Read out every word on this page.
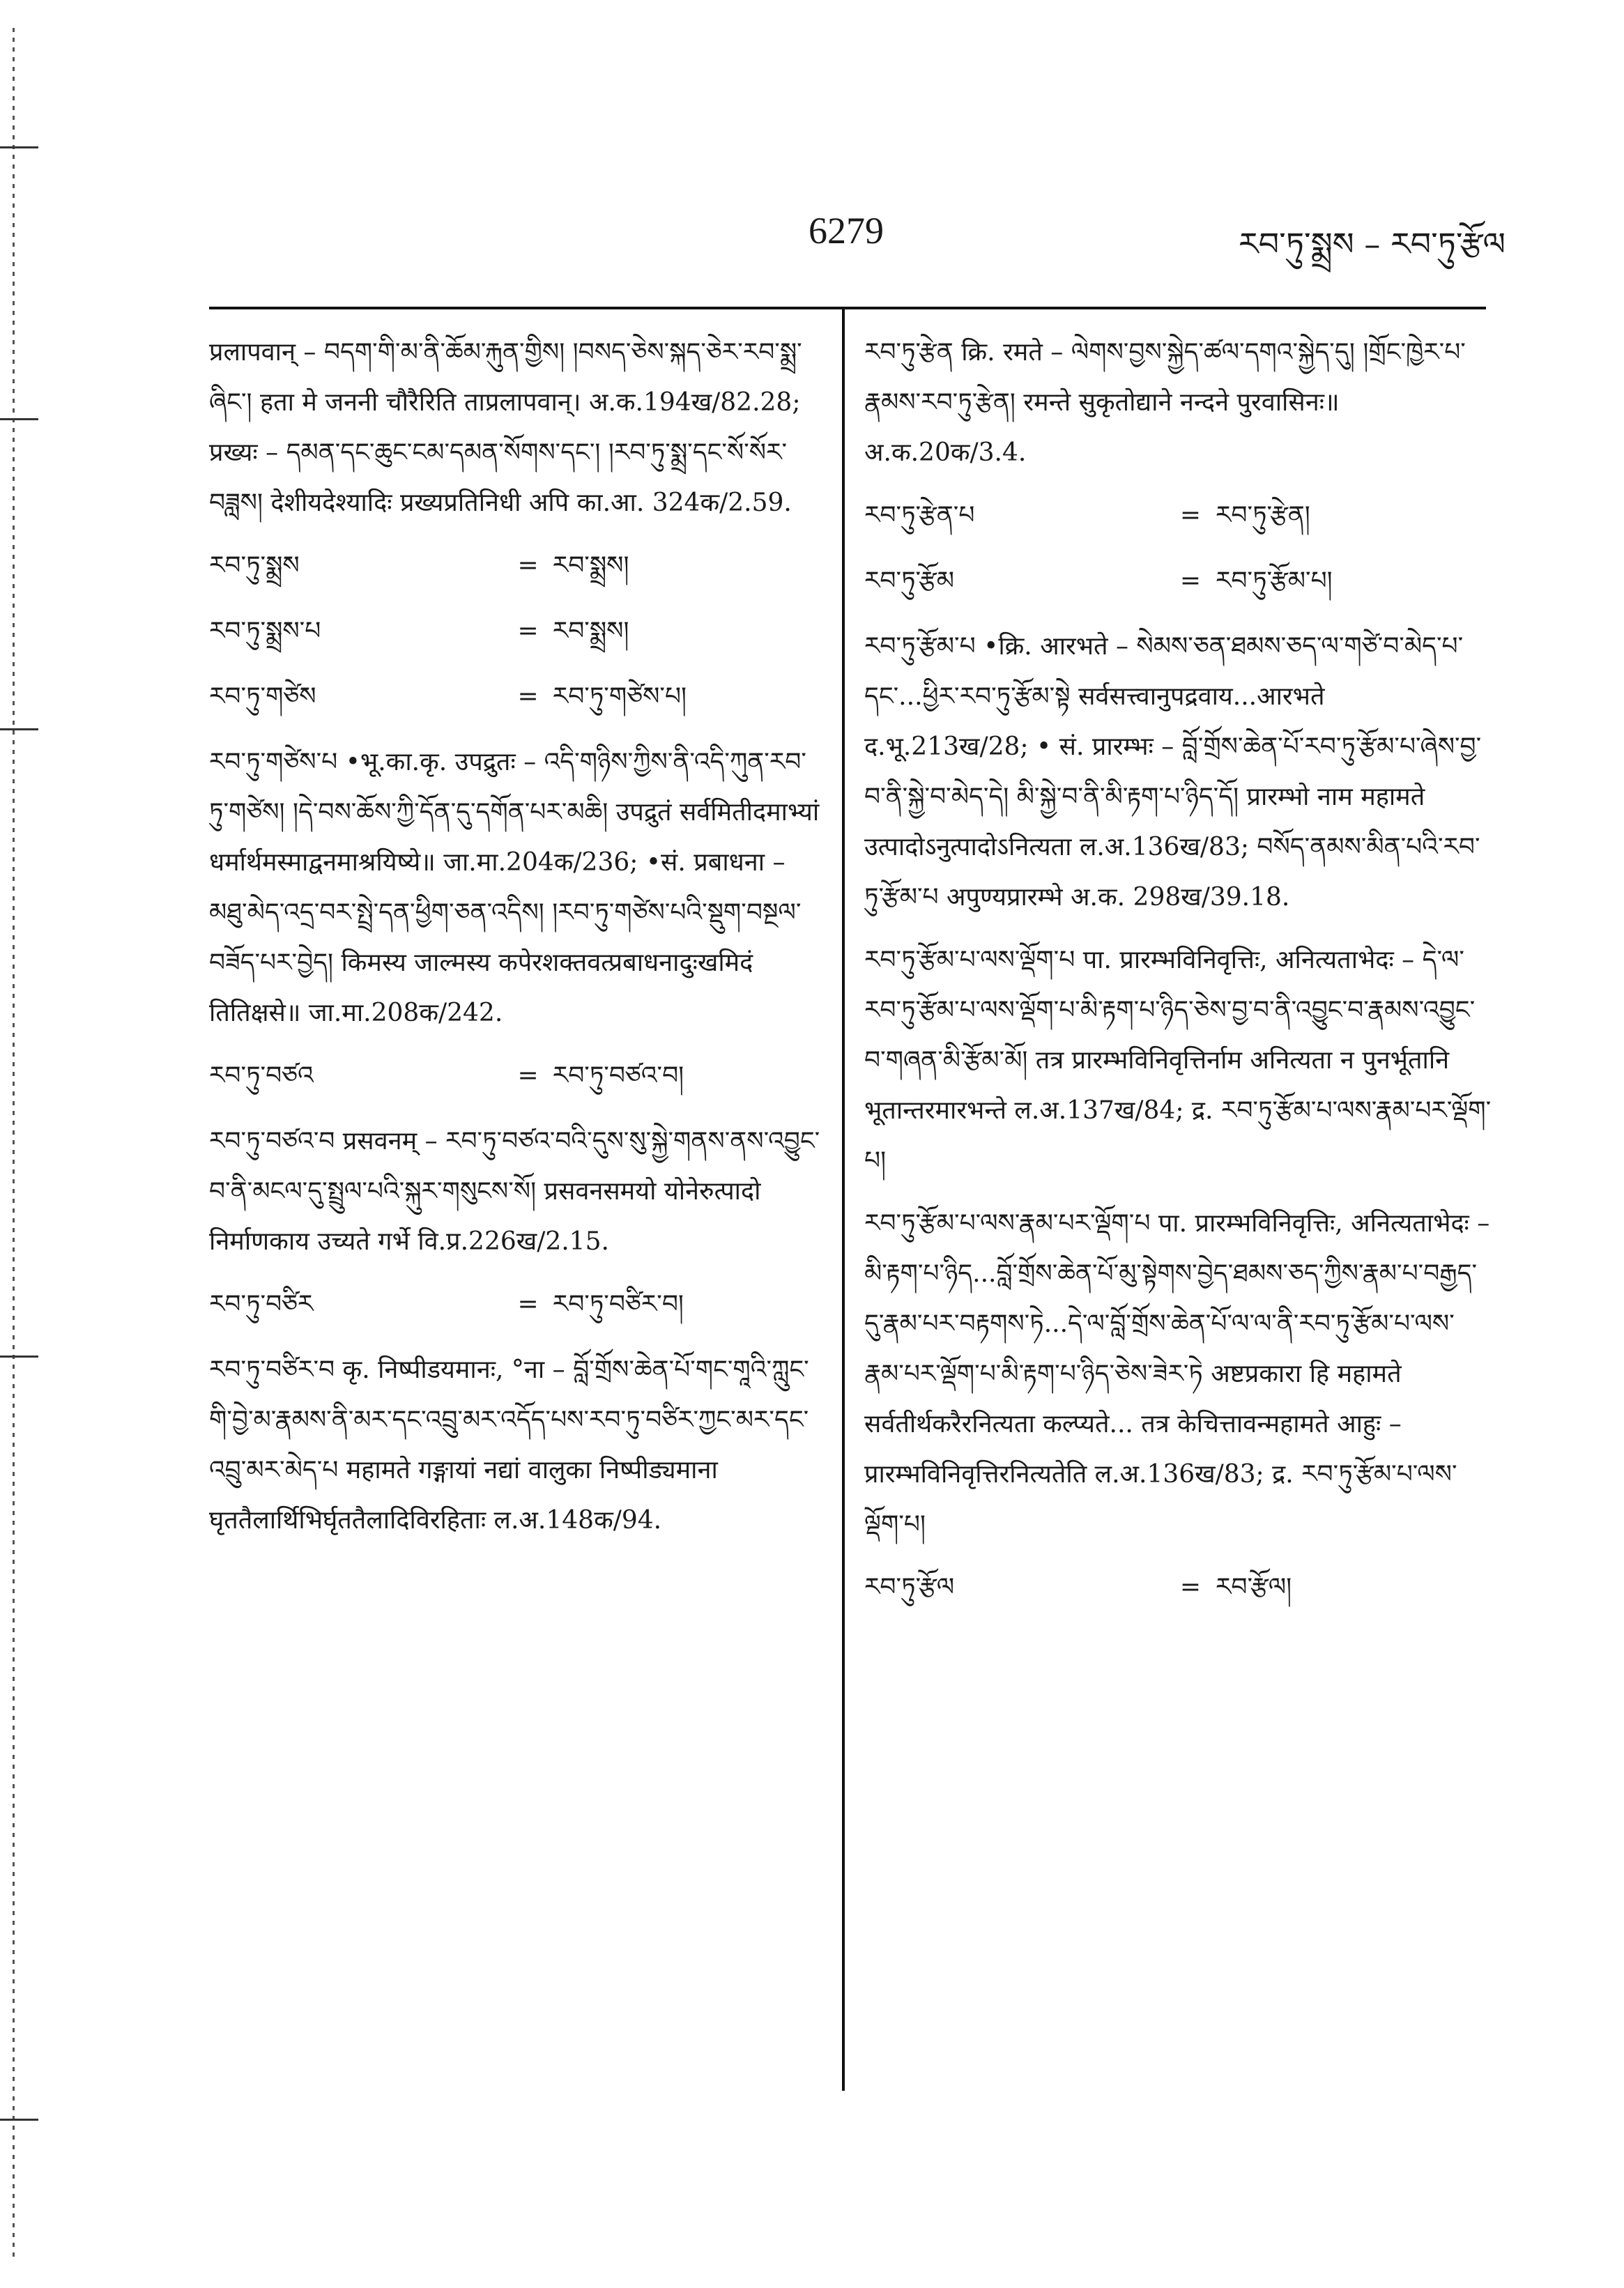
6279	རབ་ཏུ་སྨྲས – རབ་ཏུ་རྩོལ
प्रलापवान् – བདག་གི་མ་ནི་ཆོམ་རྐུན་གྱིས། །བསད་ཅེས་སྐད་ཅེར་རབ་སྨྲ་ཞིང་། हता मे जननी चौरैरिति ताप्रलापवान्। अ.क.194ख/82.28; प्रख्यः – དམན་དང་ཆུང་ངམ་དམན་སོགས་དང་། །རབ་ཏུ་སྨྲ་དང་སོ་སོར་བཟླས། देशीयदेश्यादिः प्रख्यप्रतिनिधी अपि का.आ. 324क/2.59.
རབ་ཏུ་སྨྲས	= རབ་སྨྲས།
རབ་ཏུ་སྨྲས་པ	= རབ་སྨྲས།
རབ་ཏུ་གཙེས	= རབ་ཏུ་གཙེས་པ།
རབ་ཏུ་གཙེས་པ •भू.का.कृ. उपद्रुतः – འདི་གཉིས་ཀྱིས་ནི་འདི་ཀུན་རབ་ཏུ་གཙེས། །དེ་བས་ཆོས་ཀྱི་དོན་དུ་དགོན་པར་མཆི། उपद्रुतं सर्वमितीदमाभ्यां धर्मार्थमस्माद्वनमाश्रयिष्ये॥ जा.मा.204क/236; •सं. प्रबाधना – མཐུ་མེད་འདྲ་བར་སྤྲེ་དན་ཕྱིག་ཅན་འདིས། །རབ་ཏུ་གཙེས་པའི་སྡུག་བསྔལ་བཟོད་པར་བྱེད། किमस्य जाल्मस्य कपेरशक्तवत्प्रबाधनादुःखमिदं तितिक्षसे॥ जा.मा.208क/242.
རབ་ཏུ་བཙའ	= རབ་ཏུ་བཙའ་བ།
རབ་ཏུ་བཙའ་བ प्रसवनम् – རབ་ཏུ་བཙའ་བའི་དུས་སུ་སྐྱེ་གནས་ནས་འབྱུང་བ་ནི་མངལ་དུ་སྤྲུལ་པའི་སྐུར་གསུངས་སོ། प्रसवनसमयो योनेरुत्पादो निर्माणकाय उच्यते गर्भे वि.प्र.226ख/2.15.
རབ་ཏུ་བཙིར	= རབ་ཏུ་བཙིར་བ།
རབ་ཏུ་བཙིར་བ कृ. निष्पीडयमानः, °ना – བློ་གྲོས་ཆེན་པོ་གང་གཱའི་ཀླུང་གི་བྱེ་མ་རྣམས་ནི་མར་དང་འབྲུ་མར་འདོད་པས་རབ་ཏུ་བཙིར་ཀྱང་མར་དང་འབྲུ་མར་མེད་པ महामते गङ्गायां नद्यां वालुका निष्पीड्यमाना घृततैलार्थिभिर्घृततैलादिविरहिताः ल.अ.148क/94.
རབ་ཏུ་རྩེན क्रि. रमते – ལེགས་བྱས་སྐྱེད་ཚལ་དགའ་སྐྱེད་དུ། །གྲོང་ཁྱེར་པ་རྣམས་རབ་ཏུ་རྩེན། रमन्ते सुकृतोद्याने नन्दने पुरवासिनः॥ अ.क.20क/3.4.
རབ་ཏུ་རྩེན་པ	= རབ་ཏུ་རྩེན།
རབ་ཏུ་རྩོམ	= རབ་ཏུ་རྩོམ་པ།
རབ་ཏུ་རྩོམ་པ •क्रि. आरभते – སེམས་ཅན་ཐམས་ཅད་ལ་གཙེ་བ་མེད་པ་དང་...ཕྱིར་རབ་ཏུ་རྩོམ་སྟེ सर्वसत्त्वानुपद्रवाय...आरभते द.भू.213ख/28; • सं. प्रारम्भः – བློ་གྲོས་ཆེན་པོ་རབ་ཏུ་རྩོམ་པ་ཞེས་བྱ་བ་ནི་སྐྱེ་བ་མེད་དེ། མི་སྐྱེ་བ་ནི་མི་རྟག་པ་ཉིད་དོ། प्रारम्भो नाम महामते उत्पादोऽनुत्पादोऽनित्यता ल.अ.136ख/83; བསོད་ནམས་མིན་པའི་རབ་ཏུ་རྩོམ་པ अपुण्यप्रारम्भे अ.क. 298ख/39.18.
རབ་ཏུ་རྩོམ་པ་ལས་ལྡོག་པ पा. प्रारम्भविनिवृत्तिः, अनित्यताभेदः – དེ་ལ་རབ་ཏུ་རྩོམ་པ་ལས་ལྡོག་པ་མི་རྟག་པ་ཉིད་ཅེས་བྱ་བ་ནི་འབྱུང་བ་རྣམས་འབྱུང་བ་གཞན་མི་རྩོམ་མོ། तत्र प्रारम्भविनिवृत्तिर्नाम अनित्यता न पुनर्भूतानि भूतान्तरमारभन्ते ल.अ.137ख/84; द्र. རབ་ཏུ་རྩོམ་པ་ལས་རྣམ་པར་ལྡོག་པ།
རབ་ཏུ་རྩོམ་པ་ལས་རྣམ་པར་ལྡོག་པ पा. प्रारम्भविनिवृत्तिः, अनित्यताभेदः – མི་རྟག་པ་ཉིད...བློ་གྲོས་ཆེན་པོ་མུ་སྟེགས་བྱེད་ཐམས་ཅད་ཀྱིས་རྣམ་པ་བརྒྱད་དུ་རྣམ་པར་བརྟགས་ཏེ...དེ་ལ་བློ་གྲོས་ཆེན་པོ་ལ་ལ་ནི་རབ་ཏུ་རྩོམ་པ་ལས་རྣམ་པར་ལྡོག་པ་མི་རྟག་པ་ཉིད་ཅེས་ཟེར་ཏེ अष्टप्रकारा हि महामते सर्वतीर्थकरैरनित्यता कल्प्यते... तत्र केचित्तावन्महामते आहुः – प्रारम्भविनिवृत्तिरनित्यतेति ल.अ.136ख/83; द्र. རབ་ཏུ་རྩོམ་པ་ལས་ལྡོག་པ།
རབ་ཏུ་རྩོལ	= རབ་རྩོལ།
